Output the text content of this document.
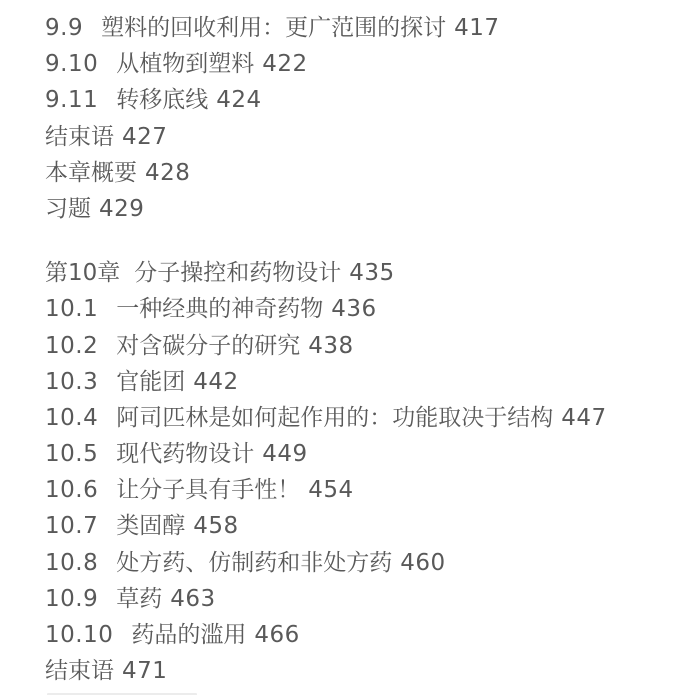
9.9 塑料的回收利用：更广范围的探讨 417
9.10 从植物到塑料 422
9.11 转移底线 424
结束语 427
本章概要 428
习题 429
第10章 分子操控和药物设计 435
10.1 一种经典的神奇药物 436
10.2 对含碳分子的研究 438
10.3 官能团 442
10.4 阿司匹林是如何起作用的：功能取决于结构 447
10.5 现代药物设计 449
10.6 让分子具有手性！ 454
10.7 类固醇 458
10.8 处方药、仿制药和非处方药 460
10.9 草药 463
10.10 药品的滥用 466
结束语 471
